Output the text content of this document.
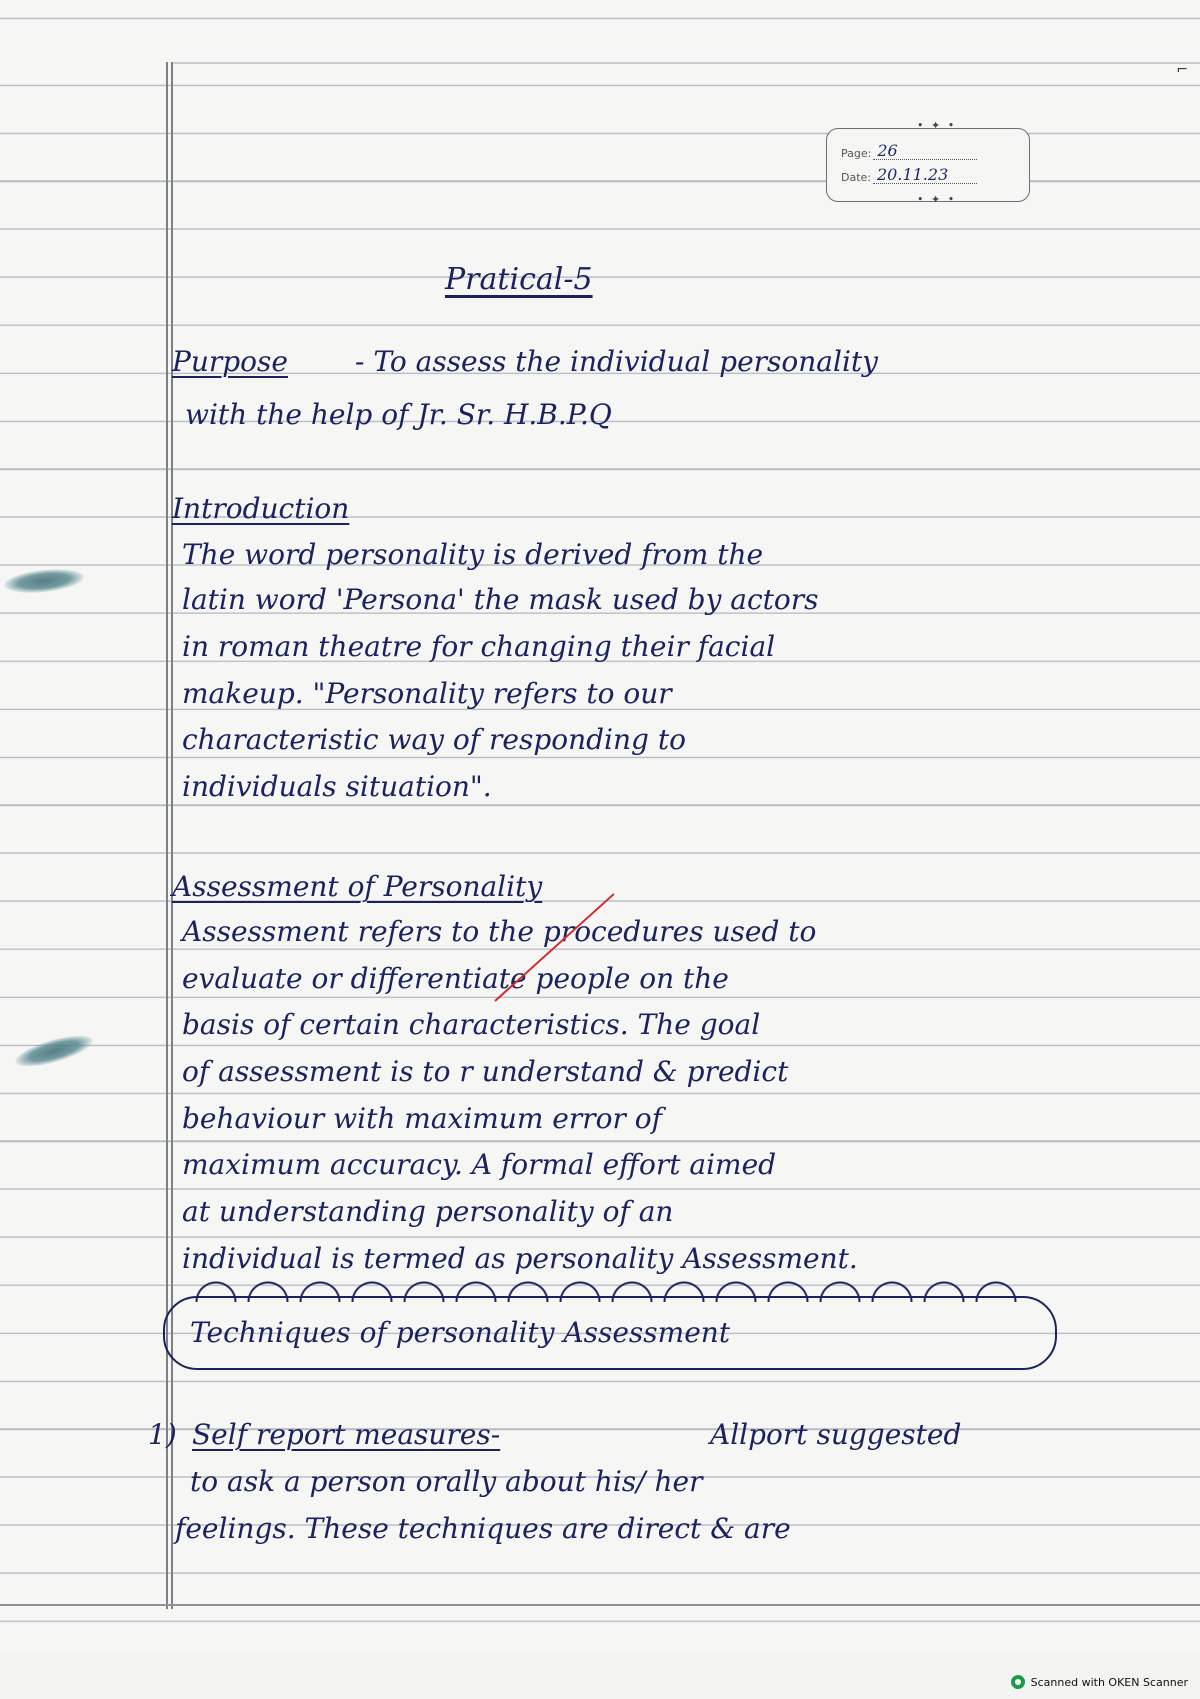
⌐
• ✦ •
Page: 26
Date: 20.11.23
• ✦ •
Pratical-5
Purpose - To assess the individual personality
with the help of Jr. Sr. H.B.P.Q
Introduction
The word personality is derived from the
latin word 'Persona' the mask used by actors
in roman theatre for changing their facial
makeup. "Personality refers to our
characteristic way of responding to
individuals situation".
Assessment of Personality
Assessment refers to the procedures used to
evaluate or differentiate people on the
basis of certain characteristics. The goal
of assessment is to r understand & predict
behaviour with maximum error of
maximum accuracy. A formal effort aimed
at understanding personality of an
individual is termed as personality Assessment.
Techniques of personality Assessment
1) Self report measures-	Allport suggested
to ask a person orally about his/ her
feelings. These techniques are direct & are
Scanned with OKEN Scanner
